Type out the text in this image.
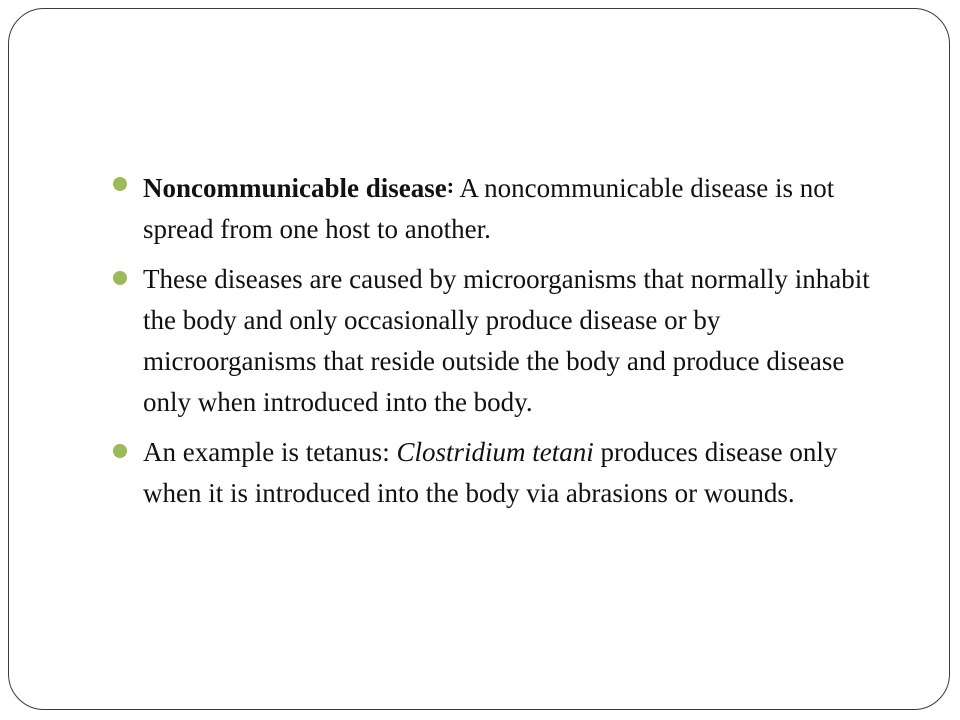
Noncommunicable disease: A noncommunicable disease is not spread from one host to another.
These diseases are caused by microorganisms that normally inhabit the body and only occasionally produce disease or by microorganisms that reside outside the body and produce disease only when introduced into the body.
An example is tetanus: Clostridium tetani produces disease only when it is introduced into the body via abrasions or wounds.
